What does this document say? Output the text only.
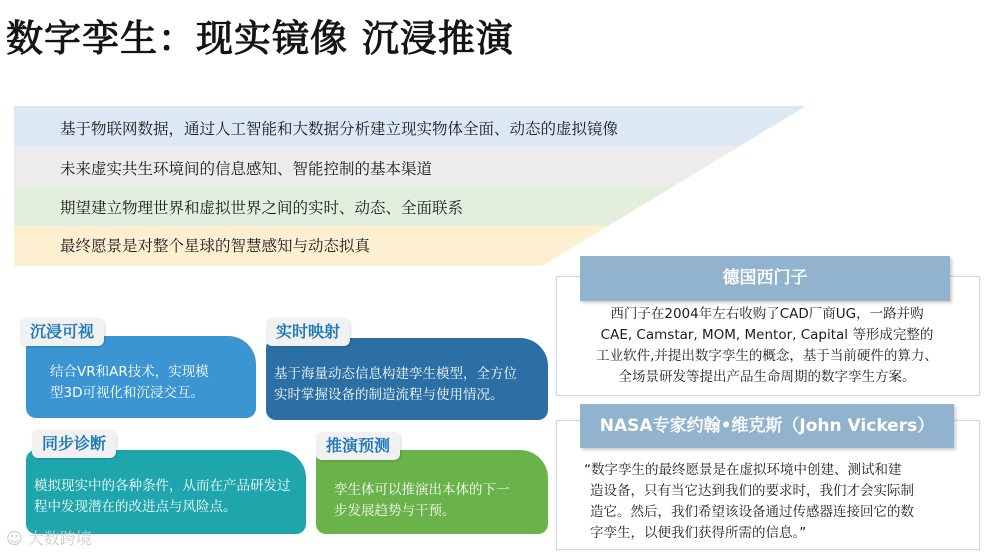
数字孪生：现实镜像 沉浸推演
基于物联网数据，通过人工智能和大数据分析建立现实物体全面、动态的虚拟镜像
未来虚实共生环境间的信息感知、智能控制的基本渠道
期望建立物理世界和虚拟世界之间的实时、动态、全面联系
最终愿景是对整个星球的智慧感知与动态拟真
结合VR和AR技术，实现模
型3D可视化和沉浸交互。
沉浸可视
基于海量动态信息构建孪生模型，全方位
实时掌握设备的制造流程与使用情况。
实时映射
模拟现实中的各种条件，从而在产品研发过
程中发现潜在的改进点与风险点。
同步诊断
孪生体可以推演出本体的下一
步发展趋势与干预。
推演预测
德国西门子
西门子在2004年左右收购了CAD厂商UG，一路并购
CAE, Camstar, MOM, Mentor, Capital 等形成完整的
工业软件,并提出数字孪生的概念，基于当前硬件的算力、
全场景研发等提出产品生命周期的数字孪生方案。
NASA专家约翰•维克斯（John Vickers）
“数字孪生的最终愿景是在虚拟环境中创建、测试和建
造设备，只有当它达到我们的要求时，我们才会实际制
造它。然后，我们希望该设备通过传感器连接回它的数
字孪生，以便我们获得所需的信息。”
☺ 大数跨境
